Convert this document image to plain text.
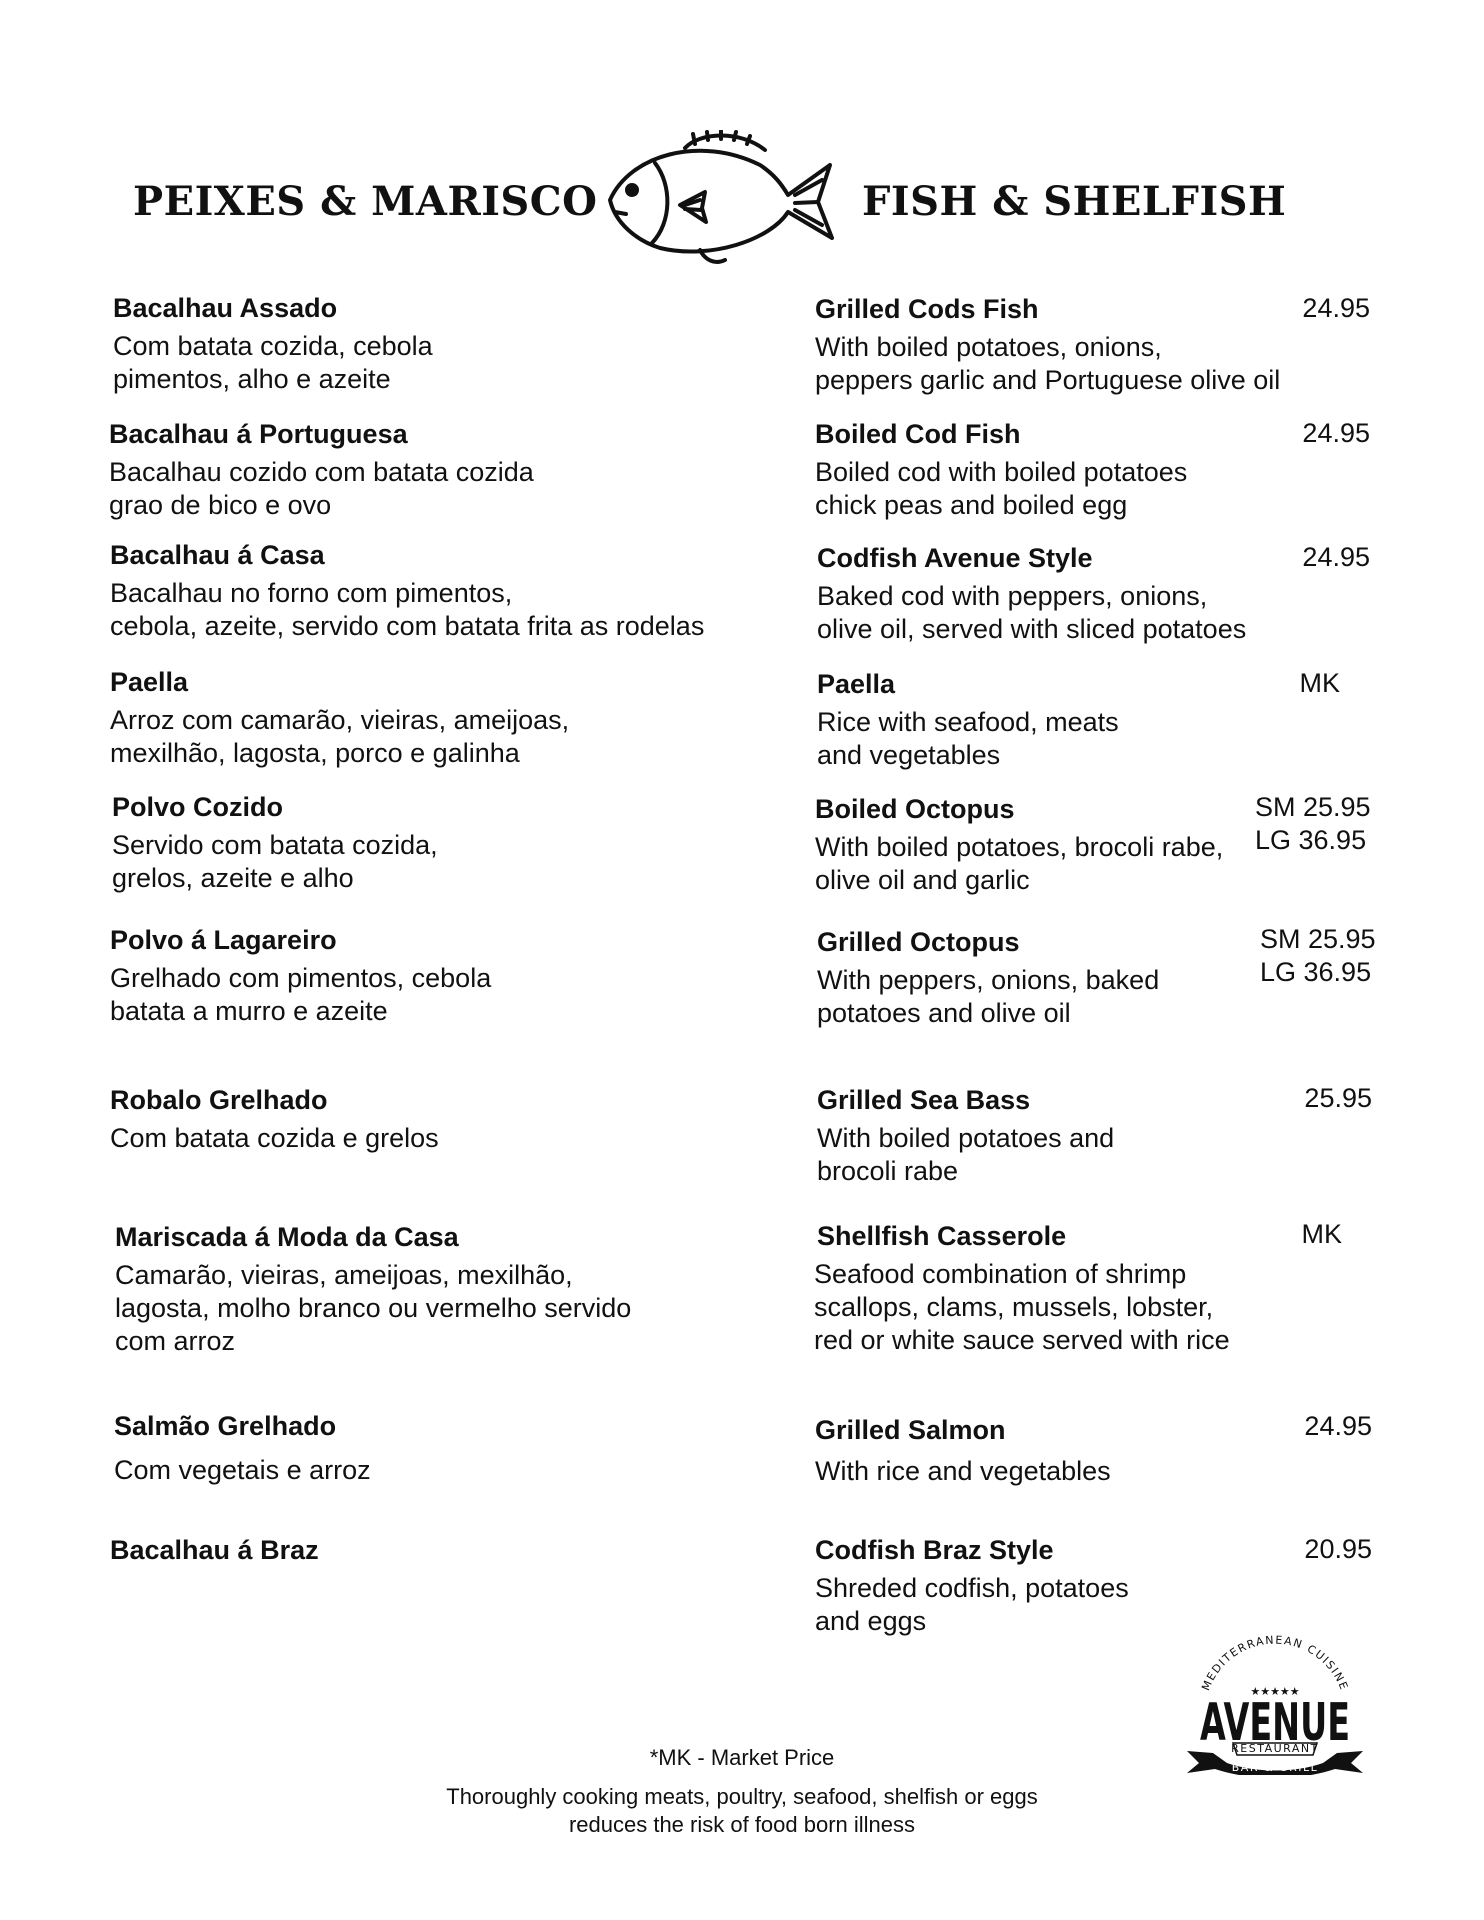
PEIXES & MARISCO	FISH & SHELFISH
Bacalhau Assado
Com batata cozida, cebola
pimentos, alho e azeite
Bacalhau á Portuguesa
Bacalhau cozido com batata cozida
grao de bico e ovo
Bacalhau á Casa
Bacalhau no forno com pimentos,
cebola, azeite, servido com batata frita as rodelas
Paella
Arroz com camarão, vieiras, ameijoas,
mexilhão, lagosta, porco e galinha
Polvo Cozido
Servido com batata cozida,
grelos, azeite e alho
Polvo á Lagareiro
Grelhado com pimentos, cebola
batata a murro e azeite
Robalo Grelhado
Com batata cozida e grelos
Mariscada á Moda da Casa
Camarão, vieiras, ameijoas, mexilhão,
lagosta, molho branco ou vermelho servido
com arroz
Salmão Grelhado
Com vegetais e arroz
Bacalhau á Braz
Grilled Cods Fish
With boiled potatoes, onions,
peppers garlic and Portuguese olive oil
24.95
Boiled Cod Fish
Boiled cod with boiled potatoes
chick peas and boiled egg
24.95
Codfish Avenue Style
Baked cod with peppers, onions,
olive oil, served with sliced potatoes
24.95
Paella
Rice with seafood, meats
and vegetables
MK
Boiled Octopus
With boiled potatoes, brocoli rabe,
olive oil and garlic
SM 25.95
LG 36.95
Grilled Octopus
With peppers, onions, baked
potatoes and olive oil
SM 25.95
LG 36.95
Grilled Sea Bass
With boiled potatoes and
brocoli rabe
25.95
Shellfish Casserole
Seafood combination of shrimp
scallops, clams, mussels, lobster,
red or white sauce served with rice
MK
Grilled Salmon
With rice and vegetables
24.95
Codfish Braz Style
Shreded codfish, potatoes
and eggs
20.95
MEDITERRANEAN CUISINE
★★★★★
AVENUE
RESTAURANT
BAR & GRILL
*MK - Market Price
Thoroughly cooking meats, poultry, seafood, shelfish or eggs
reduces the risk of food born illness
